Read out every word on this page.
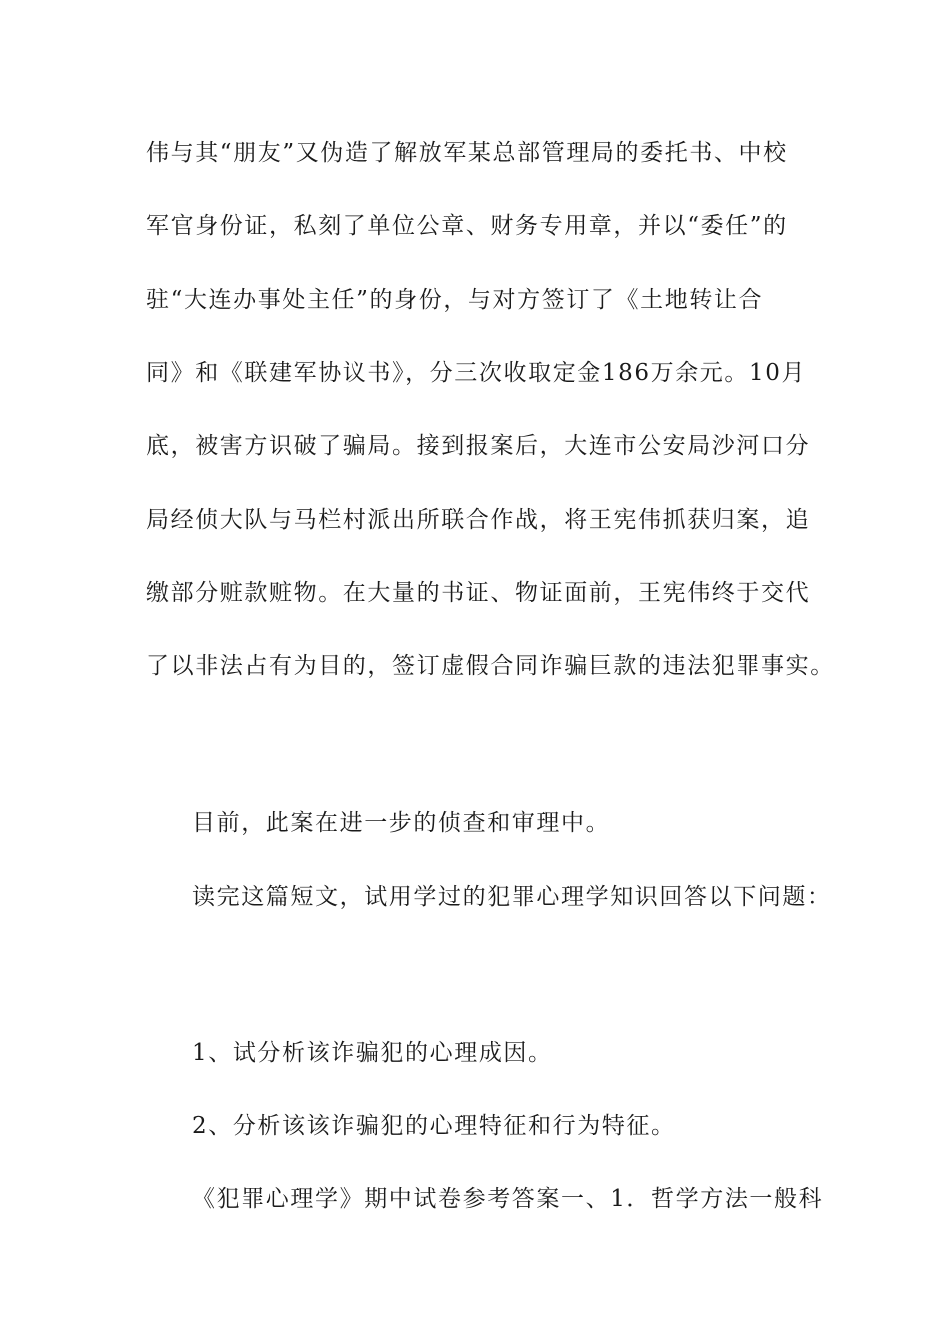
伟与其“朋友”又伪造了解放军某总部管理局的委托书、中校
军官身份证，私刻了单位公章、财务专用章，并以“委任”的
驻“大连办事处主任”的身份，与对方签订了《土地转让合
同》和《联建军协议书》，分三次收取定金186万余元。10月
底，被害方识破了骗局。接到报案后，大连市公安局沙河口分
局经侦大队与马栏村派出所联合作战，将王宪伟抓获归案，追
缴部分赃款赃物。在大量的书证、物证面前，王宪伟终于交代
了以非法占有为目的，签订虚假合同诈骗巨款的违法犯罪事实。
目前，此案在进一步的侦查和审理中。
读完这篇短文，试用学过的犯罪心理学知识回答以下问题：
1、试分析该诈骗犯的心理成因。
2、分析该该诈骗犯的心理特征和行为特征。
《犯罪心理学》期中试卷参考答案一、1．哲学方法一般科
